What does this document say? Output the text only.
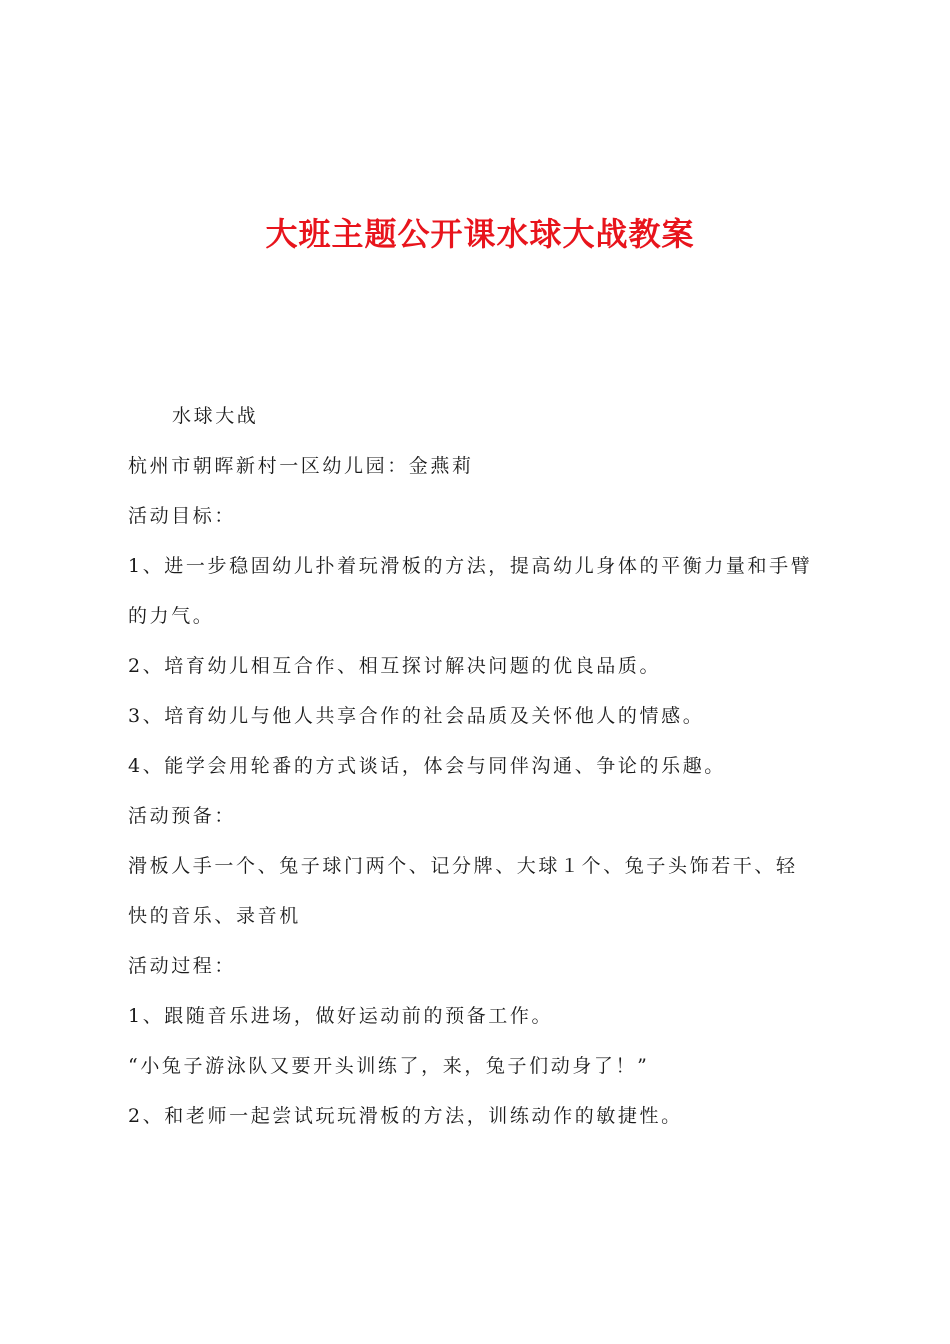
大班主题公开课水球大战教案
水球大战
杭州市朝晖新村一区幼儿园：金燕莉
活动目标：
1、进一步稳固幼儿扑着玩滑板的方法，提高幼儿身体的平衡力量和手臂
的力气。
2、培育幼儿相互合作、相互探讨解决问题的优良品质。
3、培育幼儿与他人共享合作的社会品质及关怀他人的情感。
4、能学会用轮番的方式谈话，体会与同伴沟通、争论的乐趣。
活动预备：
滑板人手一个、兔子球门两个、记分牌、大球１个、兔子头饰若干、轻
快的音乐、录音机
活动过程：
1、跟随音乐进场，做好运动前的预备工作。
“小兔子游泳队又要开头训练了，来，兔子们动身了！”
2、和老师一起尝试玩玩滑板的方法，训练动作的敏捷性。
